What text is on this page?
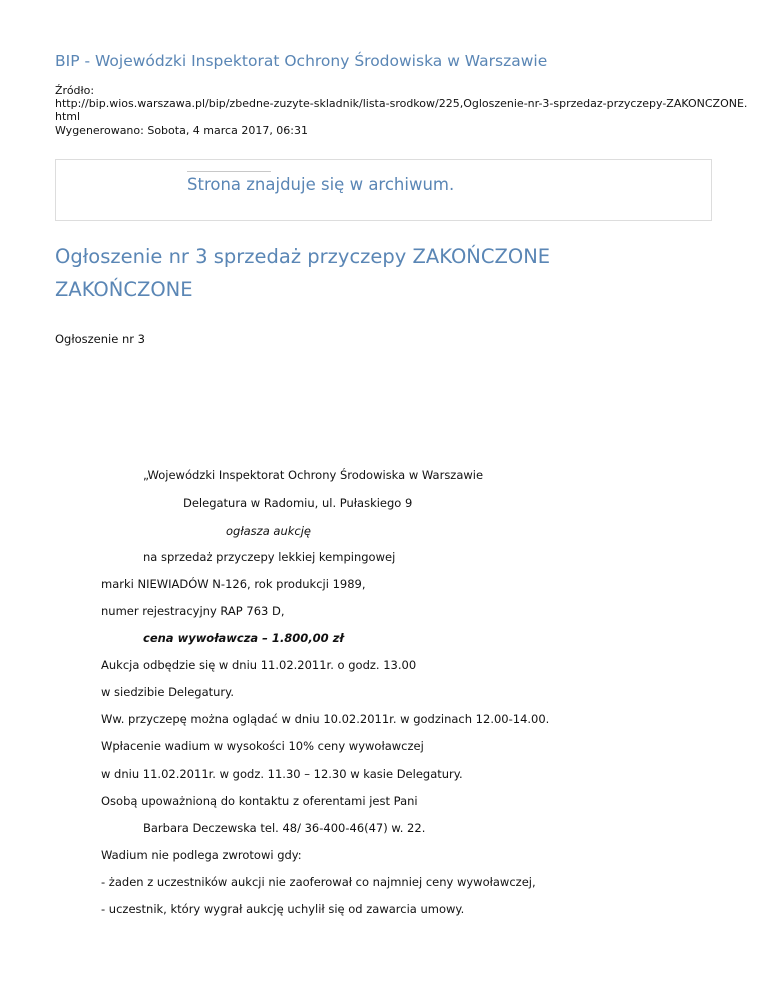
BIP - Wojewódzki Inspektorat Ochrony Środowiska w Warszawie
Źródło:
http://bip.wios.warszawa.pl/bip/zbedne-zuzyte-skladnik/lista-srodkow/225,Ogloszenie-nr-3-sprzedaz-przyczepy-ZAKONCZONE.
html
Wygenerowano: Sobota, 4 marca 2017, 06:31
Strona znajduje się w archiwum.
Ogłoszenie nr 3 sprzedaż przyczepy ZAKOŃCZONE
ZAKOŃCZONE
Ogłoszenie nr 3
„Wojewódzki Inspektorat Ochrony Środowiska w Warszawie
Delegatura w Radomiu, ul. Pułaskiego 9
ogłasza aukcję
na sprzedaż przyczepy lekkiej kempingowej
marki NIEWIADÓW N-126, rok produkcji 1989,
numer rejestracyjny RAP 763 D,
cena wywoławcza – 1.800,00 zł
Aukcja odbędzie się w dniu 11.02.2011r. o godz. 13.00
w siedzibie Delegatury.
Ww. przyczepę można oglądać w dniu 10.02.2011r. w godzinach 12.00-14.00.
Wpłacenie wadium w wysokości 10% ceny wywoławczej
w dniu 11.02.2011r. w godz. 11.30 – 12.30 w kasie Delegatury.
Osobą upoważnioną do kontaktu z oferentami jest Pani
Barbara Deczewska tel. 48/ 36-400-46(47) w. 22.
Wadium nie podlega zwrotowi gdy:
- żaden z uczestników aukcji nie zaoferował co najmniej ceny wywoławczej,
- uczestnik, który wygrał aukcję uchylił się od zawarcia umowy.
